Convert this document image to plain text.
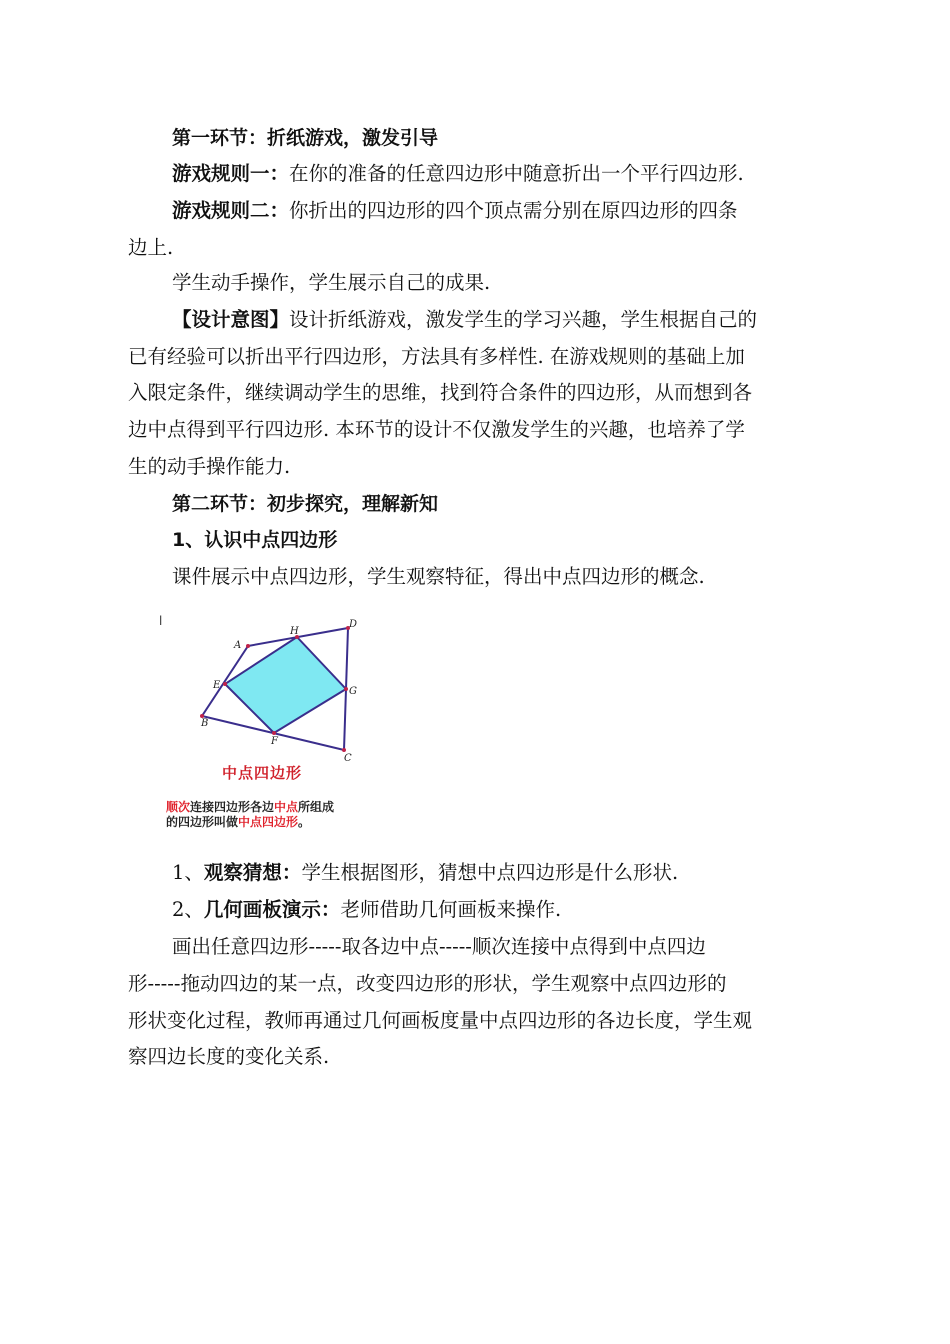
第一环节：折纸游戏，激发引导
游戏规则一：在你的准备的任意四边形中随意折出一个平行四边形.
游戏规则二：你折出的四边形的四个顶点需分别在原四边形的四条
边上.
学生动手操作，学生展示自己的成果.
【设计意图】设计折纸游戏，激发学生的学习兴趣，学生根据自己的
已有经验可以折出平行四边形，方法具有多样性. 在游戏规则的基础上加
入限定条件，继续调动学生的思维，找到符合条件的四边形，从而想到各
边中点得到平行四边形. 本环节的设计不仅激发学生的兴趣，也培养了学
生的动手操作能力.
第二环节：初步探究，理解新知
1、认识中点四边形
课件展示中点四边形，学生观察特征，得出中点四边形的概念.
l
A
H
D
E
G
B
F
C
中点四边形
顺次连接四边形各边中点所组成
的四边形叫做中点四边形。
1、观察猜想：学生根据图形，猜想中点四边形是什么形状.
2、几何画板演示：老师借助几何画板来操作.
画出任意四边形-----取各边中点-----顺次连接中点得到中点四边
形-----拖动四边的某一点，改变四边形的形状，学生观察中点四边形的
形状变化过程，教师再通过几何画板度量中点四边形的各边长度，学生观
察四边长度的变化关系.
